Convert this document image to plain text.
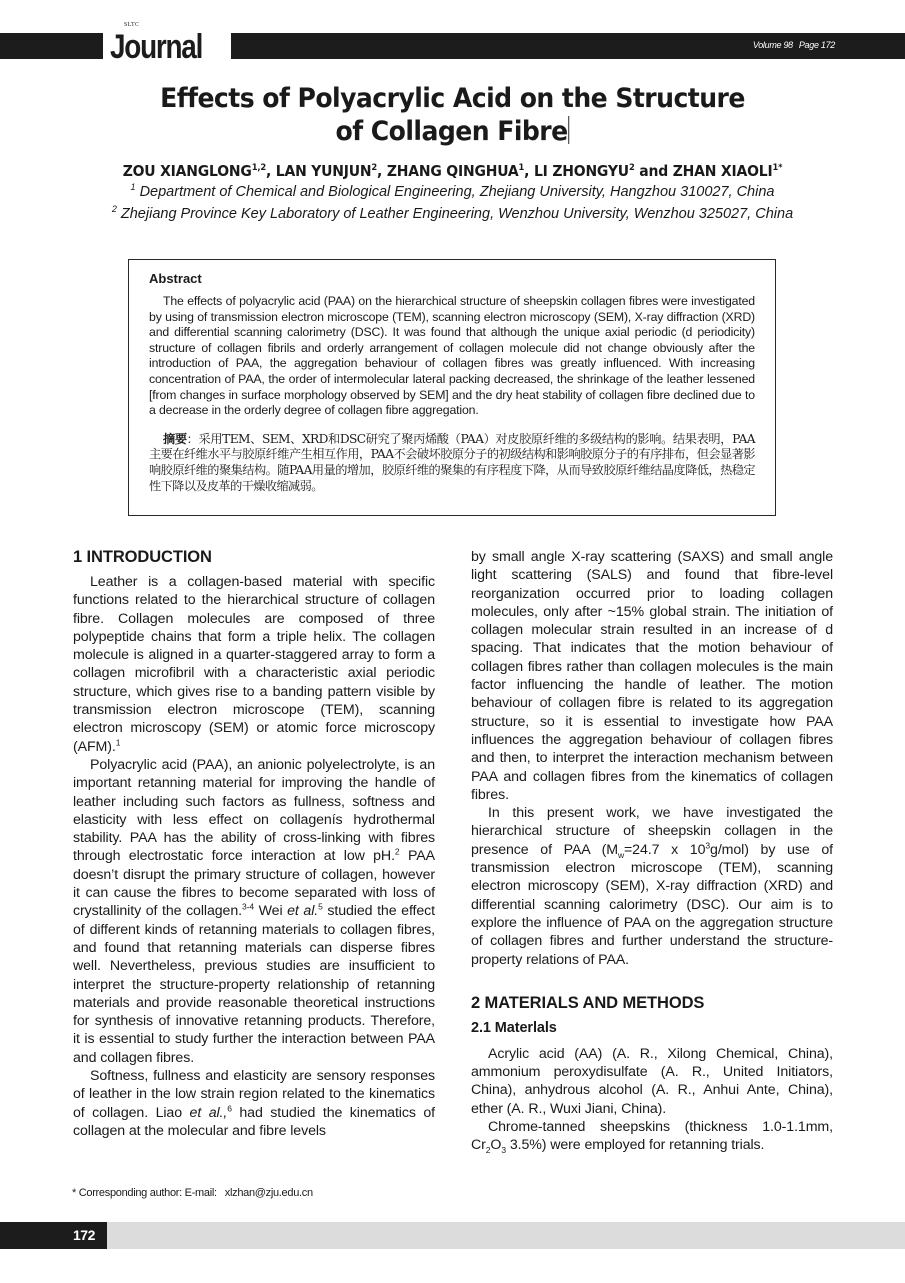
SLTC
Journal	Volume 98 Page 172
Effects of Polyacrylic Acid on the Structure
of Collagen Fibre
ZOU XIANGLONG$^{1,2}$, LAN YUNJUN$^2$, ZHANG QINGHUA$^1$, LI ZHONGYU$^2$ and ZHAN $XIAOLI^{1*}$
$^1$ Department of Chemical and Biological Engineering, Zhejiang University, Hangzhou 310027, China
$^2$ Zhejiang Province Key Laboratory of Leather Engineering, Wenzhou University, Wenzhou 325027, China
Abstract

The effects of polyacrylic acid (PAA) on the hierarchical structure of sheepskin collagen fibres were investigated by using of transmission electron microscope (TEM), scanning electron microscopy (SEM), X-ray diffraction (XRD) and differential scanning calorimetry (DSC). It was found that although the unique axial periodic (d periodicity) structure of collagen fibrils and orderly arrangement of collagen molecule did not change obviously after the introduction of PAA, the aggregation behaviour of collagen fibres was greatly influenced. With increasing concentration of PAA, the order of intermolecular lateral packing decreased, the shrinkage of the leather lessened [from changes in surface morphology observed by SEM] and the dry heat stability of collagen fibre declined due to a decrease in the orderly degree of collagen fibre aggregation.

摘要：采用TEM、SEM、XRD和DSC研究了聚丙烯酸（PAA）对皮胶原纤维的多级结构的影响。结果表明，PAA主要在纤维水平与胶原纤维产生相互作用，PAA不会破坏胶原分子的初级结构和影响胶原分子的有序排布，但会显著影响胶原纤维的聚集结构。随PAA用量的增加，胶原纤维的聚集的有序程度下降，从而导致胶原纤维结晶度降低，热稳定性下降以及皮革的干燥收缩减弱。

1 INTRODUCTION

Leather is a collagen-based material with specific functions related to the hierarchical structure of collagen fibre. Collagen molecules are composed of three polypeptide chains that form a triple helix. The collagen molecule is aligned in a quarter-staggered array to form a collagen microfibril with a characteristic axial periodic structure, which gives rise to a banding pattern visible by transmission electron microscope (TEM), scanning electron microscopy (SEM) or atomic force microscopy (AFM).$^1$

Polyacrylic acid (PAA), an anionic polyelectrolyte, is an important retanning material for improving the handle of leather including such factors as fullness, softness and elasticity with less effect on collagenís hydrothermal stability. PAA has the ability of cross-linking with fibres through electrostatic force interaction at low pH.$^2$ PAA doesn’t disrupt the primary structure of collagen, however it can cause the fibres to become separated with loss of crystallinity of the collagen.$^{3-4}$ Wei et al.$^5$ studied the effect of different kinds of retanning materials to collagen fibres, and found that retanning materials can disperse fibres well. Nevertheless, previous studies are insufficient to interpret the structure-property relationship of retanning materials and provide reasonable theoretical instructions for synthesis of innovative retanning products. Therefore, it is essential to study further the interaction between PAA and collagen fibres.

Softness, fullness and elasticity are sensory responses of leather in the low strain region related to the kinematics of collagen. Liao et al.,$^6$ had studied the kinematics of collagen at the molecular and fibre levels

by small angle X-ray scattering (SAXS) and small angle light scattering (SALS) and found that fibre-level reorganization occurred prior to loading collagen molecules, only after ~15% global strain. The initiation of collagen molecular strain resulted in an increase of d spacing. That indicates that the motion behaviour of collagen fibres rather than collagen molecules is the main factor influencing the handle of leather. The motion behaviour of collagen fibre is related to its aggregation structure, so it is essential to investigate how PAA influences the aggregation behaviour of collagen fibres and then, to interpret the interaction mechanism between PAA and collagen fibres from the kinematics of collagen fibres.

In this present work, we have investigated the hierarchical structure of sheepskin collagen in the presence of PAA ($M_w=24.7$ x $10^3g/mol$) by use of transmission electron microscope (TEM), scanning electron microscopy (SEM), X-ray diffraction (XRD) and differential scanning calorimetry (DSC). Our aim is to explore the influence of PAA on the aggregation structure of collagen fibres and further understand the structure-property relations of PAA.

2 MATERIALS AND METHODS
2.1 Materlals

Acrylic acid (AA) (A. R., Xilong Chemical, China), ammonium peroxydisulfate (A. R., United Initiators, China), anhydrous alcohol (A. R., Anhui Ante, China), ether (A. R., Wuxi Jiani, China).

Chrome-tanned sheepskins (thickness 1.0-1.1mm, $Cr_2O_3$ 3.5%) were employed for retanning trials.

* Corresponding author: E-mail: xlzhan@zju.edu.cn
172
